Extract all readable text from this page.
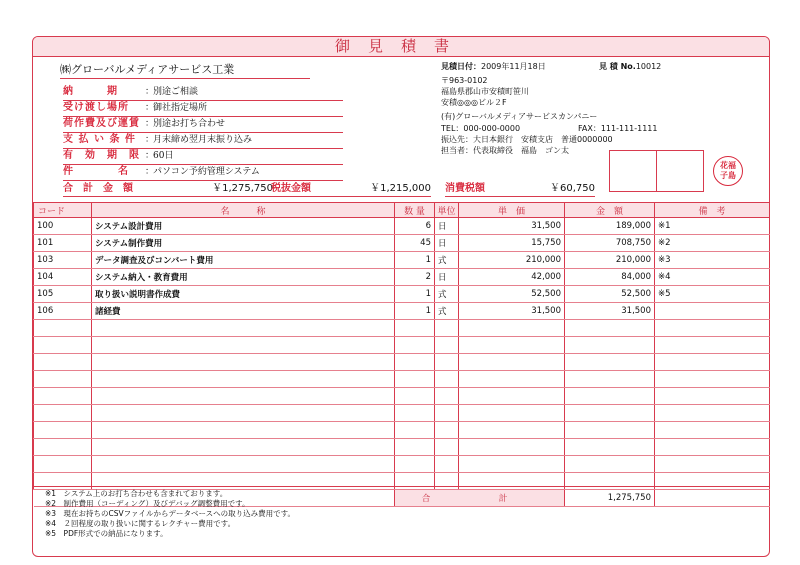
御見積書
㈱グローバルメディアサービス工業
納　　　期	：
別途ご相談
受け渡し場所	：
御社指定場所
荷作費及び運賃 ：
別途お打ち合わせ
支 払 い 条 件	：
月末締め翌月末振り込み
有　効　期　限 ：
60日
件　　　　名	：
パソコン予約管理システム
合　計　金　額	￥1,275,750
税抜金額	￥1,215,000 消費税額	￥60,750
見積日付：2009年11月18日	見 積 No.10012
〒963-0102
福島県郡山市安積町笹川
安積◎◎◎ビル２F
(有)グローバルメディアサービスカンパニー
TEL：000-000-0000	FAX：111-111-1111
振込先：大日本銀行　安積支店　普通0000000
担当者：代表取締役　福島　ゴン太
花福
子島
コード	名　　　称	数 量	単位	単　価	金　額	備　考
100	システム設計費用	6	日	31,500	189,000	※1
101	システム制作費用	45	日	15,750	708,750	※2
103	データ調査及びコンバート費用	1	式	210,000	210,000	※3
104	システム納入・教育費用	2	日	42,000	84,000	※4
105	取り扱い説明書作成費	1	式	52,500	52,500	※5
106	諸経費	1	式	31,500	31,500	

		合　計			1,275,750	
※1　システム上のお打ち合わせも含まれております。
※2　制作費用（コーディング）及びデバッグ調整費用です。
※3　現在お持ちのCSVファイルからデータベースへの取り込み費用です。
※4　２回程度の取り扱いに関するレクチャー費用です。
※5　PDF形式での納品になります。
